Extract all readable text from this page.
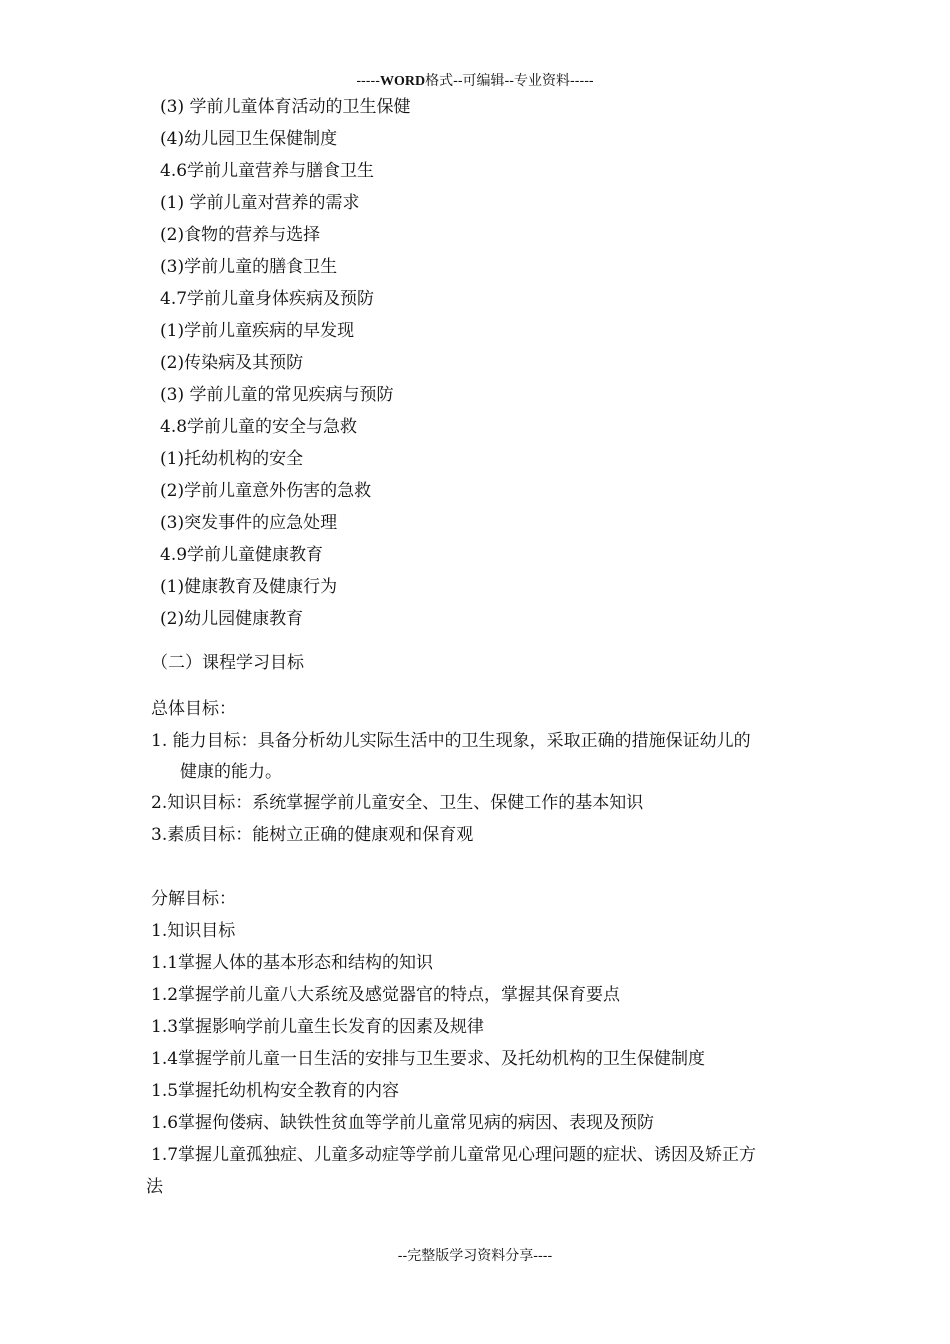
-----WORD格式--可编辑--专业资料-----
(3) 学前儿童体育活动的卫生保健
(4)幼儿园卫生保健制度
4.6学前儿童营养与膳食卫生
(1) 学前儿童对营养的需求
(2)食物的营养与选择
(3)学前儿童的膳食卫生
4.7学前儿童身体疾病及预防
(1)学前儿童疾病的早发现
(2)传染病及其预防
(3) 学前儿童的常见疾病与预防
4.8学前儿童的安全与急救
(1)托幼机构的安全
(2)学前儿童意外伤害的急救
(3)突发事件的应急处理
4.9学前儿童健康教育
(1)健康教育及健康行为
(2)幼儿园健康教育
（二）课程学习目标
总体目标：
1. 能力目标：具备分析幼儿实际生活中的卫生现象，采取正确的措施保证幼儿的
健康的能力。
2.知识目标：系统掌握学前儿童安全、卫生、保健工作的基本知识
3.素质目标：能树立正确的健康观和保育观
分解目标：
1.知识目标
1.1掌握人体的基本形态和结构的知识
1.2掌握学前儿童八大系统及感觉器官的特点，掌握其保育要点
1.3掌握影响学前儿童生长发育的因素及规律
1.4掌握学前儿童一日生活的安排与卫生要求、及托幼机构的卫生保健制度
1.5掌握托幼机构安全教育的内容
1.6掌握佝偻病、缺铁性贫血等学前儿童常见病的病因、表现及预防
1.7掌握儿童孤独症、儿童多动症等学前儿童常见心理问题的症状、诱因及矫正方
法
--完整版学习资料分享----
